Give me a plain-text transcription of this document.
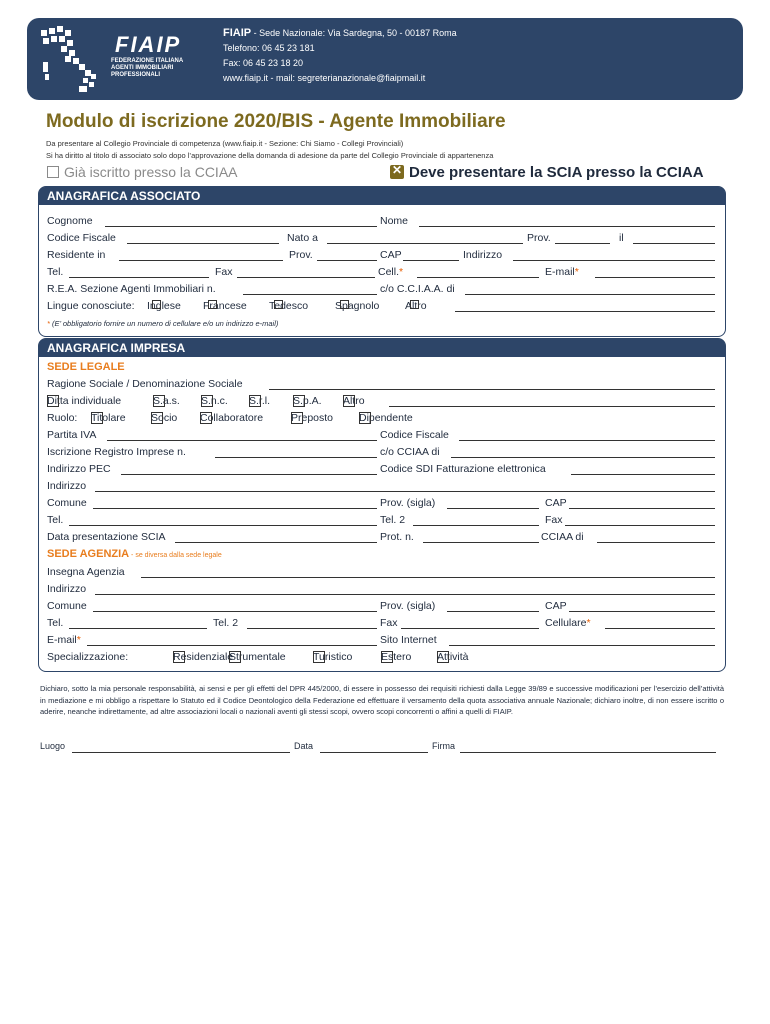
FIAIP
FEDERAZIONE ITALIANA
AGENTI IMMOBILIARI
PROFESSIONALI
FIAIP - Sede Nazionale: Via Sardegna, 50 - 00187 Roma
Telefono: 06 45 23 181
Fax: 06 45 23 18 20
www.fiaip.it - mail: segreterianazionale@fiaipmail.it
Modulo di iscrizione 2020/BIS - Agente Immobiliare
Da presentare al Collegio Provinciale di competenza (www.fiaip.it - Sezione: Chi Siamo - Collegi Provinciali)
Si ha diritto al titolo di associato solo dopo l’approvazione della domanda di adesione da parte del Collegio Provinciale di appartenenza
Già iscritto presso la CCIAA
✕	Deve presentare la SCIA presso la CCIAA
ANAGRAFICA ASSOCIATO
Cognome	Nome
Codice Fiscale	Nato a	Prov.	il
Residente in	Prov.	CAP	Indirizzo
Tel.	Fax	Cell.*	E-mail*
R.E.A. Sezione Agenti Immobiliari n.	c/o C.C.I.A.A. di
Lingue conosciute: Inglese Francese Tedesco	Spagnolo Altro
* (E’ obbligatorio fornire un numero di cellulare e/o un indirizzo e-mail)
ANAGRAFICA IMPRESA
SEDE LEGALE
Ragione Sociale / Denominazione Sociale
Ditta individuale	S.a.s. S.n.c. S.r.l. S.p.A. Altro
Ruolo: Titolare Socio Collaboratore	Preposto Dipendente
Partita IVA	Codice Fiscale
Iscrizione Registro Imprese n.	c/o CCIAA di
Indirizzo PEC	Codice SDI Fatturazione elettronica
Indirizzo
Comune	Prov. (sigla)	CAP
Tel.	Tel. 2	Fax
Data presentazione SCIA	Prot. n.	CCIAA di
SEDE AGENZIA - se diversa dalla sede legale
Insegna Agenzia
Indirizzo
Comune	Prov. (sigla)	CAP
Tel.	Tel. 2	Fax	Cellulare*
E-mail*	Sito Internet
Specializzazione:	Residenziale
Strumentale	Turistico	Estero Attività
Dichiaro, sotto la mia personale responsabilità, ai sensi e per gli effetti del DPR 445/2000, di essere in possesso dei requisiti richiesti dalla Legge 39/89 e successive modificazioni per l’esercizio dell’attività in mediazione e mi obbligo a rispettare lo Statuto ed il Codice Deontologico della Federazione ed effettuare il versamento della quota associativa annuale Nazionale; dichiaro inoltre, di non essere iscritto o aderire, neanche indirettamente, ad altre associazioni locali o nazionali aventi gli stessi scopi, ovvero scopi concorrenti o affini a quelli di FIAIP.
Luogo	Data	Firma
